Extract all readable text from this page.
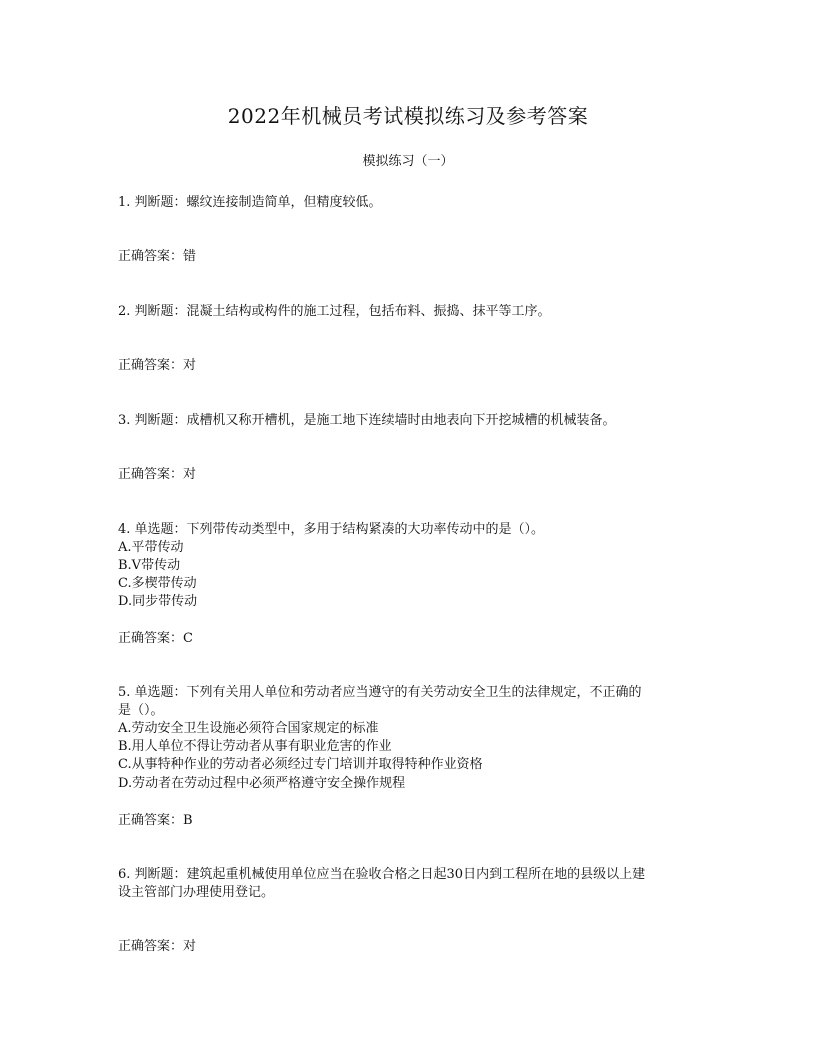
2022年机械员考试模拟练习及参考答案
模拟练习（一）
1. 判断题：螺纹连接制造简单，但精度较低。
正确答案：错
2. 判断题：混凝土结构或构件的施工过程，包括布料、振捣、抹平等工序。
正确答案：对
3. 判断题：成槽机又称开槽机，是施工地下连续墙时由地表向下开挖城槽的机械装备。
正确答案：对
4. 单选题：下列带传动类型中，多用于结构紧凑的大功率传动中的是（）。
A.平带传动
B.V带传动
C.多楔带传动
D.同步带传动
正确答案：C
5. 单选题：下列有关用人单位和劳动者应当遵守的有关劳动安全卫生的法律规定，不正确的
是（）。
A.劳动安全卫生设施必须符合国家规定的标准
B.用人单位不得让劳动者从事有职业危害的作业
C.从事特种作业的劳动者必须经过专门培训并取得特种作业资格
D.劳动者在劳动过程中必须严格遵守安全操作规程
正确答案：B
6. 判断题：建筑起重机械使用单位应当在验收合格之日起30日内到工程所在地的县级以上建
设主管部门办理使用登记。
正确答案：对
